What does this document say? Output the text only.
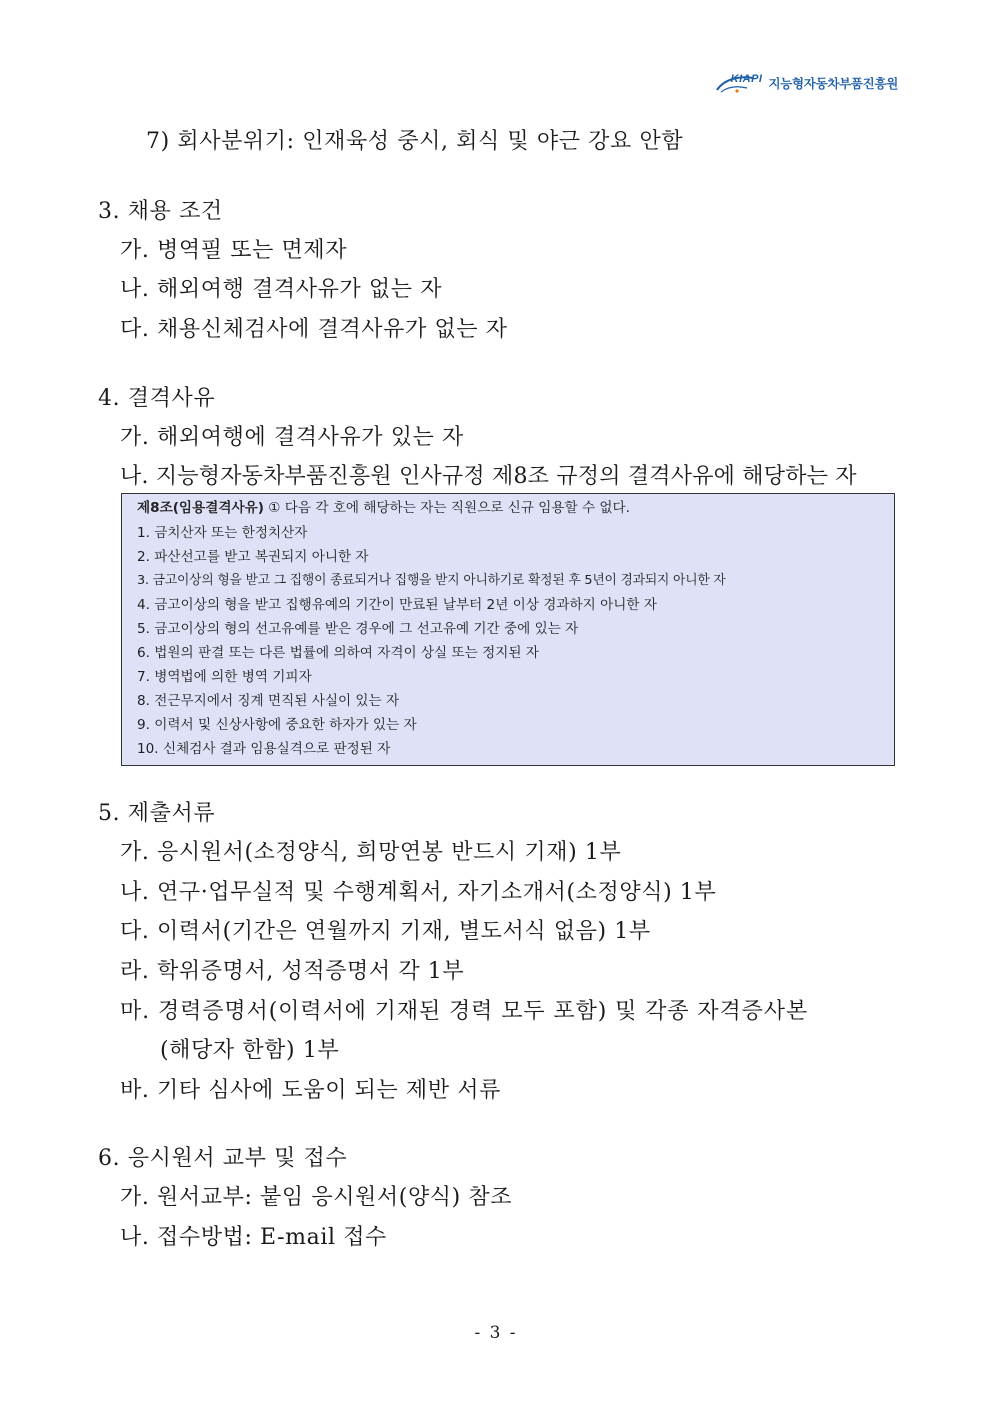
KIAPI 지능형자동차부품진흥원
7) 회사분위기: 인재육성 중시, 회식 및 야근 강요 안함
3. 채용 조건
가. 병역필 또는 면제자
나. 해외여행 결격사유가 없는 자
다. 채용신체검사에 결격사유가 없는 자
4. 결격사유
가. 해외여행에 결격사유가 있는 자
나. 지능형자동차부품진흥원 인사규정 제8조 규정의 결격사유에 해당하는 자
제8조(임용결격사유) ① 다음 각 호에 해당하는 자는 직원으로 신규 임용할 수 없다.
1. 금치산자 또는 한정치산자
2. 파산선고를 받고 복권되지 아니한 자
3. 금고이상의 형을 받고 그 집행이 종료되거나 집행을 받지 아니하기로 확정된 후 5년이 경과되지 아니한 자
4. 금고이상의 형을 받고 집행유예의 기간이 만료된 날부터 2년 이상 경과하지 아니한 자
5. 금고이상의 형의 선고유예를 받은 경우에 그 선고유예 기간 중에 있는 자
6. 법원의 판결 또는 다른 법률에 의하여 자격이 상실 또는 정지된 자
7. 병역법에 의한 병역 기피자
8. 전근무지에서 징계 면직된 사실이 있는 자
9. 이력서 및 신상사항에 중요한 하자가 있는 자
10. 신체검사 결과 임용실격으로 판정된 자
5. 제출서류
가. 응시원서(소정양식, 희망연봉 반드시 기재) 1부
나. 연구·업무실적 및 수행계획서, 자기소개서(소정양식) 1부
다. 이력서(기간은 연월까지 기재, 별도서식 없음) 1부
라. 학위증명서, 성적증명서 각 1부
마. 경력증명서(이력서에 기재된 경력 모두 포함) 및 각종 자격증사본
(해당자 한함) 1부
바. 기타 심사에 도움이 되는 제반 서류
6. 응시원서 교부 및 접수
가. 원서교부: 붙임 응시원서(양식) 참조
나. 접수방법: E-mail 접수
- 3 -
